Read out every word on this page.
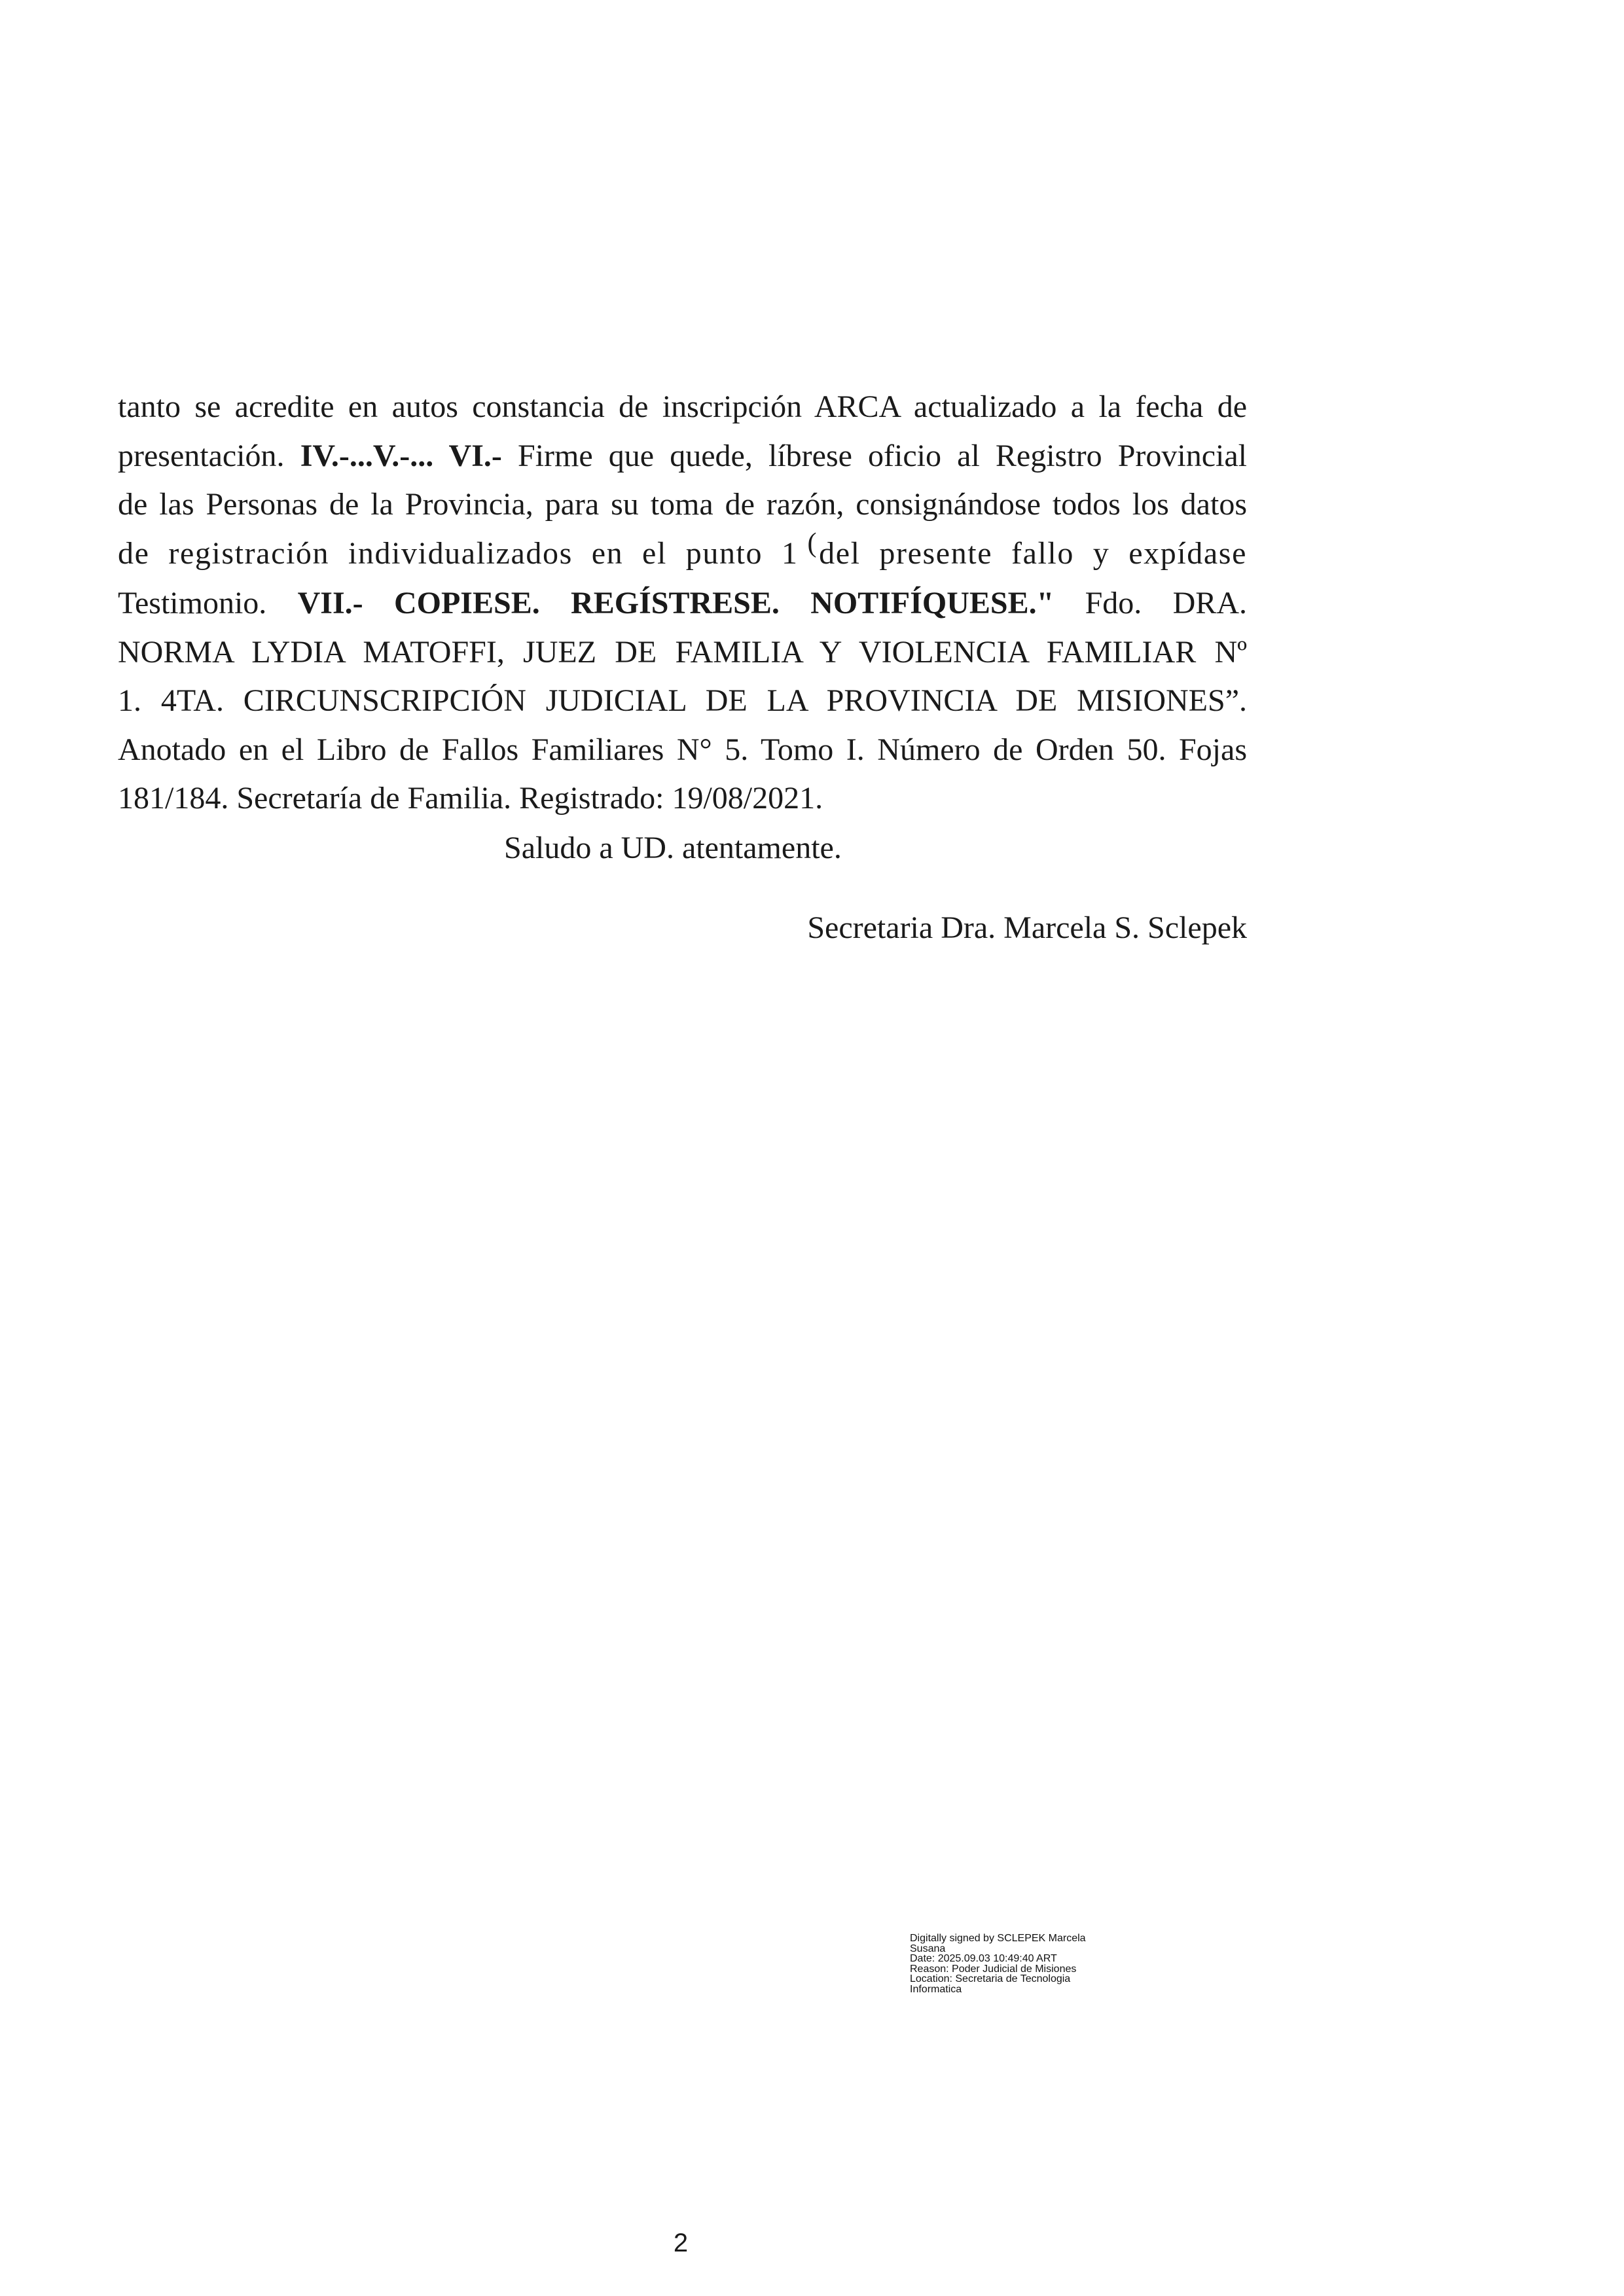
tanto se acredite en autos constancia de inscripción ARCA actualizado a la fecha de
presentación. IV.-...V.-... VI.- Firme que quede, líbrese oficio al Registro Provincial
de las Personas de la Provincia, para su toma de razón, consignándose todos los datos
de registración individualizados en el punto 1 (del presente fallo y expídase
Testimonio. VII.- COPIESE. REGÍSTRESE. NOTIFÍQUESE." Fdo. DRA.
NORMA LYDIA MATOFFI, JUEZ DE FAMILIA Y VIOLENCIA FAMILIAR Nº
1. 4TA. CIRCUNSCRIPCIÓN JUDICIAL DE LA PROVINCIA DE MISIONES”.
Anotado en el Libro de Fallos Familiares N° 5. Tomo I. Número de Orden 50. Fojas
181/184. Secretaría de Familia. Registrado: 19/08/2021.
Saludo a UD. atentamente.
Secretaria Dra. Marcela S. Sclepek
Digitally signed by SCLEPEK Marcela
Susana
Date: 2025.09.03 10:49:40 ART
Reason: Poder Judicial de Misiones
Location: Secretaria de Tecnologia
Informatica
2
